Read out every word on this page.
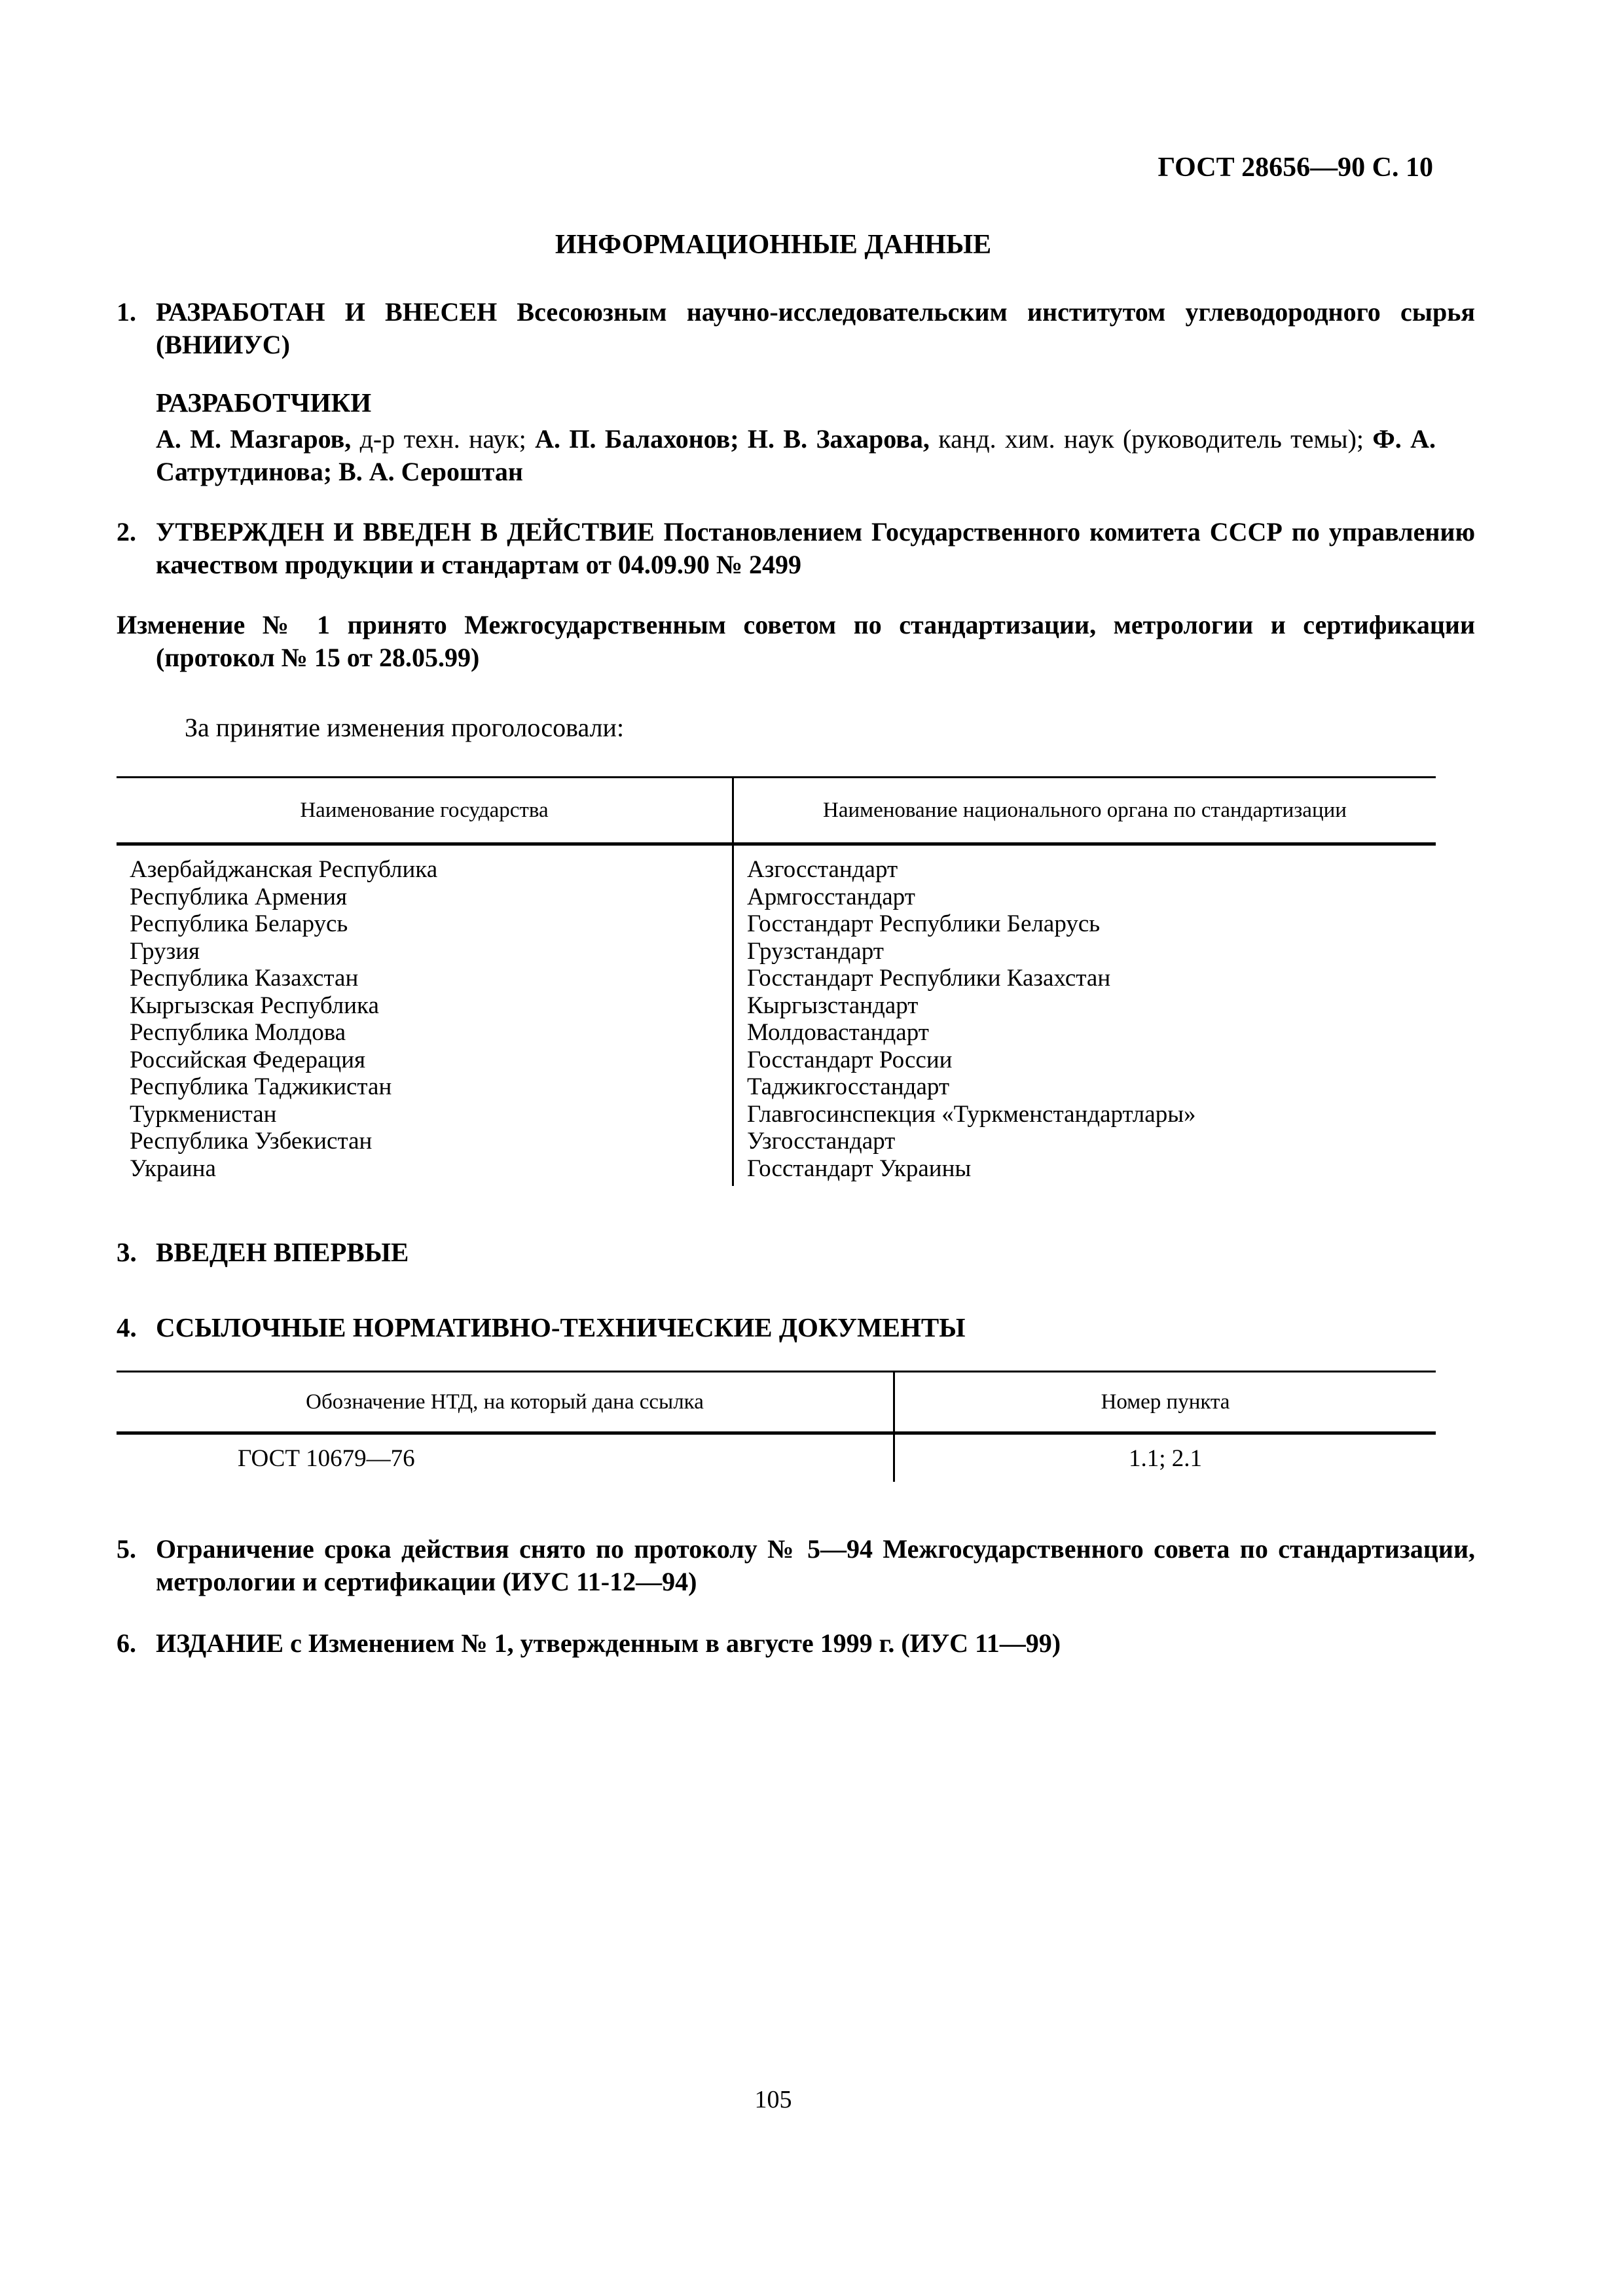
ГОСТ 28656—90 С. 10
ИНФОРМАЦИОННЫЕ ДАННЫЕ
1. РАЗРАБОТАН И ВНЕСЕН Всесоюзным научно-исследовательским институтом углеводородного сырья (ВНИИУС)
РАЗРАБОТЧИКИ
А. М. Мазгаров, д-р техн. наук; А. П. Балахонов; Н. В. Захарова, канд. хим. наук (руководитель темы); Ф. А. Сатрутдинова; В. А. Сероштан
2. УТВЕРЖДЕН И ВВЕДЕН В ДЕЙСТВИЕ Постановлением Государственного комитета СССР по управлению качеством продукции и стандартам от 04.09.90 № 2499
Изменение № 1 принято Межгосударственным советом по стандартизации, метрологии и сертификации (протокол № 15 от 28.05.99)
За принятие изменения проголосовали:
Наименование государства	Наименование национального органа по стандартизации
Азербайджанская Республика	Азгосстандарт
Республика Армения	Армгосстандарт
Республика Беларусь	Госстандарт Республики Беларусь
Грузия	Грузстандарт
Республика Казахстан	Госстандарт Республики Казахстан
Кыргызская Республика	Кыргызстандарт
Республика Молдова	Молдовастандарт
Российская Федерация	Госстандарт России
Республика Таджикистан	Таджикгосстандарт
Туркменистан	Главгосинспекция «Туркменстандартлары»
Республика Узбекистан	Узгосстандарт
Украина	Госстандарт Украины
3. ВВЕДЕН ВПЕРВЫЕ
4. ССЫЛОЧНЫЕ НОРМАТИВНО-ТЕХНИЧЕСКИЕ ДОКУМЕНТЫ
Обозначение НТД, на который дана ссылка	Номер пункта
ГОСТ 10679—76	1.1; 2.1
5. Ограничение срока действия снято по протоколу № 5—94 Межгосударственного совета по стандартизации, метрологии и сертификации (ИУС 11-12—94)
6. ИЗДАНИЕ с Изменением № 1, утвержденным в августе 1999 г. (ИУС 11—99)
105
